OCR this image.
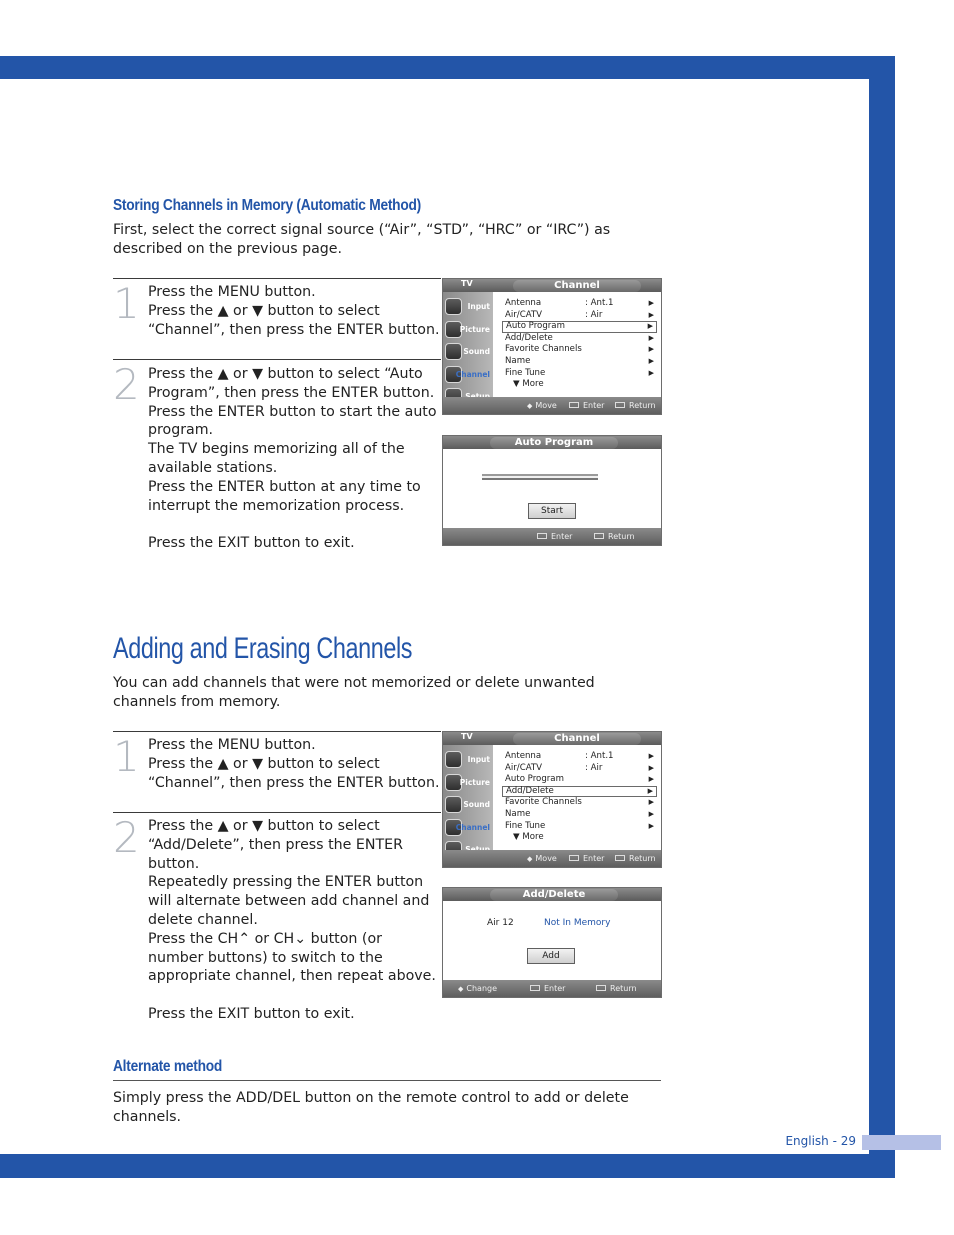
English - 29
Storing Channels in Memory (Automatic Method)
First, select the correct signal source (“Air”, “STD”, “HRC” or “IRC”) as described on the previous page.
1 Press the MENU button.
Press the ▲ or ▼ button to select “Channel”, then press the ENTER button.
2 Press the ▲ or ▼ button to select “Auto Program”, then press the ENTER button.
Press the ENTER button to start the auto program.
The TV begins memorizing all of the available stations.
Press the ENTER button at any time to interrupt the memorization process.

Press the EXIT button to exit.
TV	Channel
Input
Picture
Sound
Channel
Antenna	: Ant.1	▶
Air/CATV	: Air	▶
Auto Program	▶
Add/Delete	▶
Favorite Channels	▶
Name	▶
Fine Tune	▶
▼ More
◆ Move	Enter	Return
Auto Program
Start
Enter	Return
Adding and Erasing Channels
You can add channels that were not memorized or delete unwanted channels from memory.
1 Press the MENU button.
Press the ▲ or ▼ button to select “Channel”, then press the ENTER button.
2 Press the ▲ or ▼ button to select “Add/Delete”, then press the ENTER button.
Repeatedly pressing the ENTER button will alternate between add channel and delete channel.
Press the CH⌃ or CH⌄ button (or number buttons) to switch to the appropriate channel, then repeat above.

Press the EXIT button to exit.
TV	Channel
Input
Picture
Sound
Channel
Antenna	: Ant.1	▶
Air/CATV	: Air	▶
Auto Program	▶
Add/Delete	▶
Favorite Channels	▶
Name	▶
Fine Tune	▶
▼ More
◆ Move	Enter	Return
Add/Delete
Air 12	Not In Memory
Add
◆ Change	Enter	Return
Alternate method
Simply press the ADD/DEL button on the remote control to add or delete channels.
